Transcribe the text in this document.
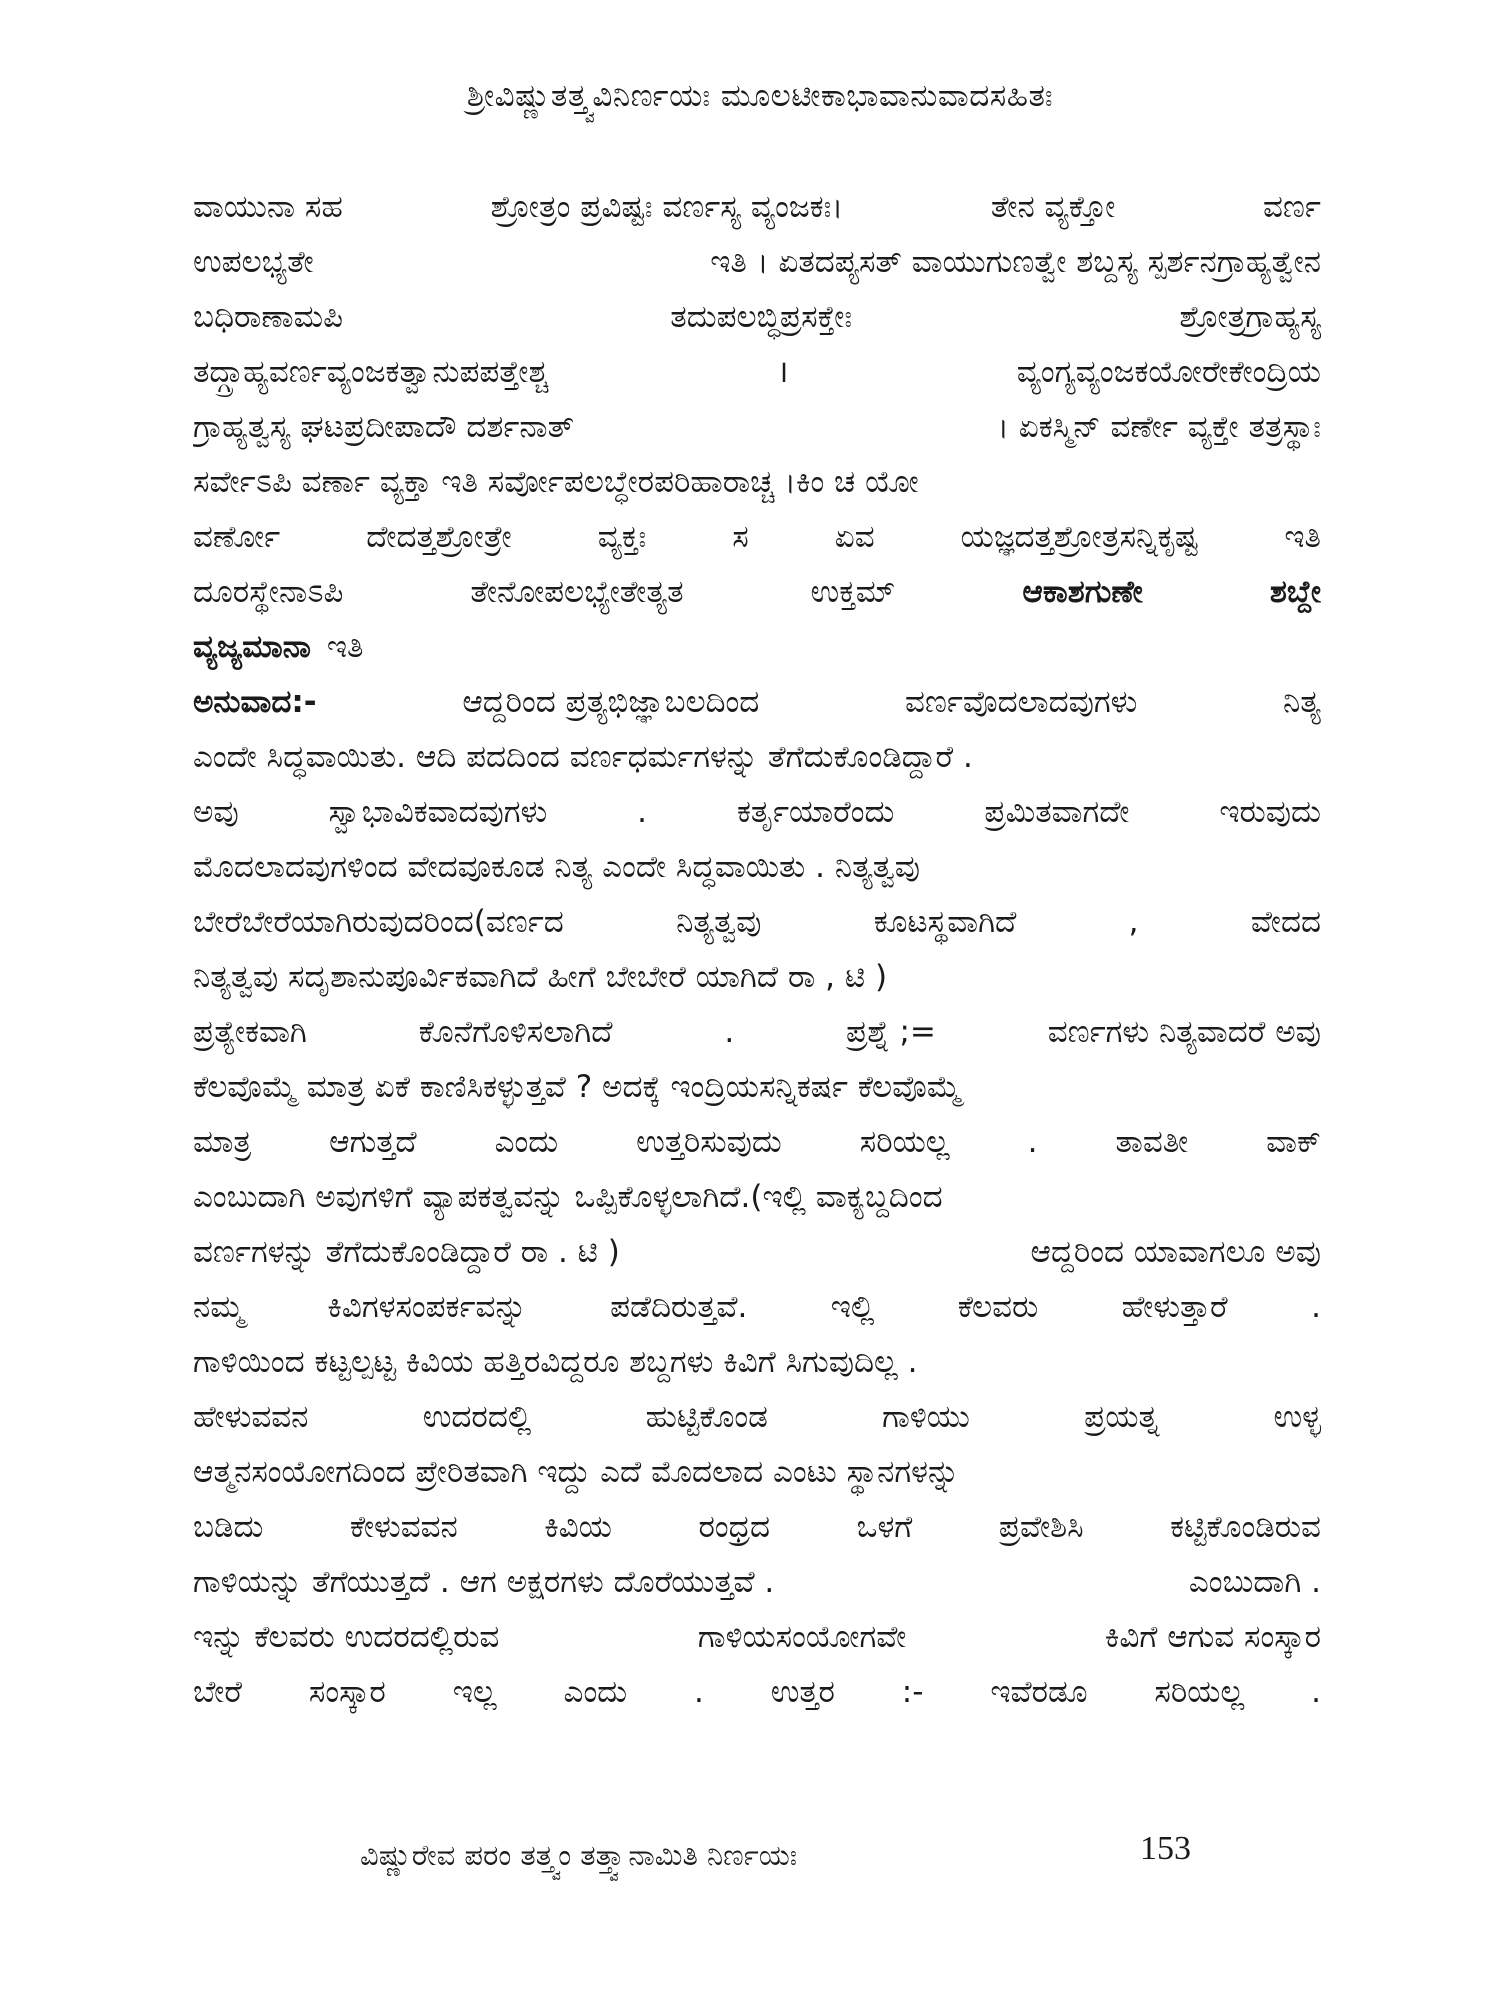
ಶ್ರೀವಿಷ್ಣುತತ್ತ್ವವಿನಿರ್ಣಯಃ ಮೂಲಟೀಕಾಭಾವಾನುವಾದಸಹಿತಃ
ವಾಯುನಾ ಸಹ	ಶ್ರೋತ್ರಂ ಪ್ರವಿಷ್ಟಃ ವರ್ಣಸ್ಯ ವ್ಯಂಜಕಃ।	ತೇನ ವ್ಯಕ್ತೋ	ವರ್ಣ
ಉಪಲಭ್ಯತೇ	ಇತಿ । ಏತದಪ್ಯಸತ್ ವಾಯುಗುಣತ್ವೇ ಶಬ್ದಸ್ಯ ಸ್ಪರ್ಶನಗ್ರಾಹ್ಯತ್ವೇನ
ಬಧಿರಾಣಾಮಪಿ	ತದುಪಲಬ್ಧಿಪ್ರಸಕ್ತೇಃ	ಶ್ರೋತ್ರಗ್ರಾಹ್ಯಸ್ಯ
ತದ್ಗ್ರಾಹ್ಯವರ್ಣವ್ಯಂಜಕತ್ವಾನುಪಪತ್ತೇಶ್ಚ	।	ವ್ಯಂಗ್ಯವ್ಯಂಜಕಯೋರೇಕೇಂದ್ರಿಯ
ಗ್ರಾಹ್ಯತ್ವಸ್ಯ ಘಟಪ್ರದೀಪಾದೌ ದರ್ಶನಾತ್	। ಏಕಸ್ಮಿನ್ ವರ್ಣೇ ವ್ಯಕ್ತೇ ತತ್ರಸ್ಥಾಃ
ಸರ್ವೇಽಪಿ ವರ್ಣಾ ವ್ಯಕ್ತಾ ಇತಿ ಸರ್ವೋಪಲಬ್ಧೇರಪರಿಹಾರಾಚ್ಚ ।ಕಿಂ ಚ ಯೋ
ವರ್ಣೋ	ದೇದತ್ತಶ್ರೋತ್ರೇ	ವ್ಯಕ್ತಃ	ಸ	ಏವ	ಯಜ್ಞದತ್ತಶ್ರೋತ್ರಸನ್ನಿಕೃಷ್ಟ	ಇತಿ
ದೂರಸ್ಥೇನಾಽಪಿ	ತೇನೋಪಲಭ್ಯೇತೇತ್ಯತ	ಉಕ್ತಮ್	ಆಕಾಶಗುಣೇ	ಶಬ್ದೇ
ವ್ಯಜ್ಯಮಾನಾ ಇತಿ
ಅನುವಾದ:-	ಆದ್ದರಿಂದ ಪ್ರತ್ಯಭಿಜ್ಞಾಬಲದಿಂದ	ವರ್ಣವೊದಲಾದವುಗಳು	ನಿತ್ಯ
ಎಂದೇ ಸಿದ್ಧವಾಯಿತು. ಆದಿ ಪದದಿಂದ ವರ್ಣಧರ್ಮಗಳನ್ನು ತೆಗೆದುಕೊಂಡಿದ್ದಾರೆ .
ಅವು	ಸ್ವಾಭಾವಿಕವಾದವುಗಳು	.	ಕರ್ತೃಯಾರೆಂದು	ಪ್ರಮಿತವಾಗದೇ	ಇರುವುದು
ಮೊದಲಾದವುಗಳಿಂದ ವೇದವೂಕೂಡ ನಿತ್ಯ ಎಂದೇ ಸಿದ್ಧವಾಯಿತು . ನಿತ್ಯತ್ವವು
ಬೇರೆಬೇರೆಯಾಗಿರುವುದರಿಂದ(ವರ್ಣದ	ನಿತ್ಯತ್ವವು	ಕೂಟಸ್ಥವಾಗಿದೆ	,	ವೇದದ
ನಿತ್ಯತ್ವವು ಸದೃಶಾನುಪೂರ್ವಿಕವಾಗಿದೆ ಹೀಗೆ ಬೇಬೇರೆ ಯಾಗಿದೆ ರಾ , ಟಿ )
ಪ್ರತ್ಯೇಕವಾಗಿ	ಕೊನೆಗೊಳಿಸಲಾಗಿದೆ	.	ಪ್ರಶ್ನೆ ;=	ವರ್ಣಗಳು ನಿತ್ಯವಾದರೆ ಅವು
ಕೆಲವೊಮ್ಮೆ ಮಾತ್ರ ಏಕೆ ಕಾಣಿಸಿಕಳ್ಳುತ್ತವೆ ? ಅದಕ್ಕೆ ಇಂದ್ರಿಯಸನ್ನಿಕರ್ಷ ಕೆಲವೊಮ್ಮೆ
ಮಾತ್ರ	ಆಗುತ್ತದೆ	ಎಂದು	ಉತ್ತರಿಸುವುದು	ಸರಿಯಲ್ಲ	.	ತಾವತೀ	ವಾಕ್
ಎಂಬುದಾಗಿ ಅವುಗಳಿಗೆ ವ್ಯಾಪಕತ್ವವನ್ನು ಒಪ್ಪಿಕೊಳ್ಳಲಾಗಿದೆ.(ಇಲ್ಲಿ ವಾಕ್ಯಬ್ದದಿಂದ
ವರ್ಣಗಳನ್ನು ತೆಗೆದುಕೊಂಡಿದ್ದಾರೆ ರಾ . ಟಿ )	ಆದ್ದರಿಂದ ಯಾವಾಗಲೂ ಅವು
ನಮ್ಮ	ಕಿವಿಗಳಸಂಪರ್ಕವನ್ನು	ಪಡೆದಿರುತ್ತವೆ.	ಇಲ್ಲಿ	ಕೆಲವರು	ಹೇಳುತ್ತಾರೆ	.
ಗಾಳಿಯಿಂದ ಕಟ್ಟಲ್ಪಟ್ಟ ಕಿವಿಯ ಹತ್ತಿರವಿದ್ದರೂ ಶಬ್ದಗಳು ಕಿವಿಗೆ ಸಿಗುವುದಿಲ್ಲ .
ಹೇಳುವವನ	ಉದರದಲ್ಲಿ	ಹುಟ್ಟಿಕೊಂಡ	ಗಾಳಿಯು	ಪ್ರಯತ್ನ	ಉಳ್ಳ
ಆತ್ಮನಸಂಯೋಗದಿಂದ ಪ್ರೇರಿತವಾಗಿ ಇದ್ದು ಎದೆ ಮೊದಲಾದ ಎಂಟು ಸ್ಥಾನಗಳನ್ನು
ಬಡಿದು	ಕೇಳುವವನ	ಕಿವಿಯ	ರಂಧ್ರದ	ಒಳಗೆ	ಪ್ರವೇಶಿಸಿ	ಕಟ್ಟಿಕೊಂಡಿರುವ
ಗಾಳಿಯನ್ನು ತೆಗೆಯುತ್ತದೆ . ಆಗ ಅಕ್ಷರಗಳು ದೊರೆಯುತ್ತವೆ .	ಎಂಬುದಾಗಿ .
ಇನ್ನು ಕೆಲವರು ಉದರದಲ್ಲಿರುವ	ಗಾಳಿಯಸಂಯೋಗವೇ	ಕಿವಿಗೆ ಆಗುವ ಸಂಸ್ಕಾರ
ಬೇರೆ ಸಂಸ್ಕಾರ ಇಲ್ಲ ಎಂದು . ಉತ್ತರ :- ಇವೆರಡೂ ಸರಿಯಲ್ಲ .
ವಿಷ್ಣುರೇವ ಪರಂ ತತ್ತ್ವಂ ತತ್ತ್ವಾನಾಮಿತಿ ನಿರ್ಣಯಃ	153
